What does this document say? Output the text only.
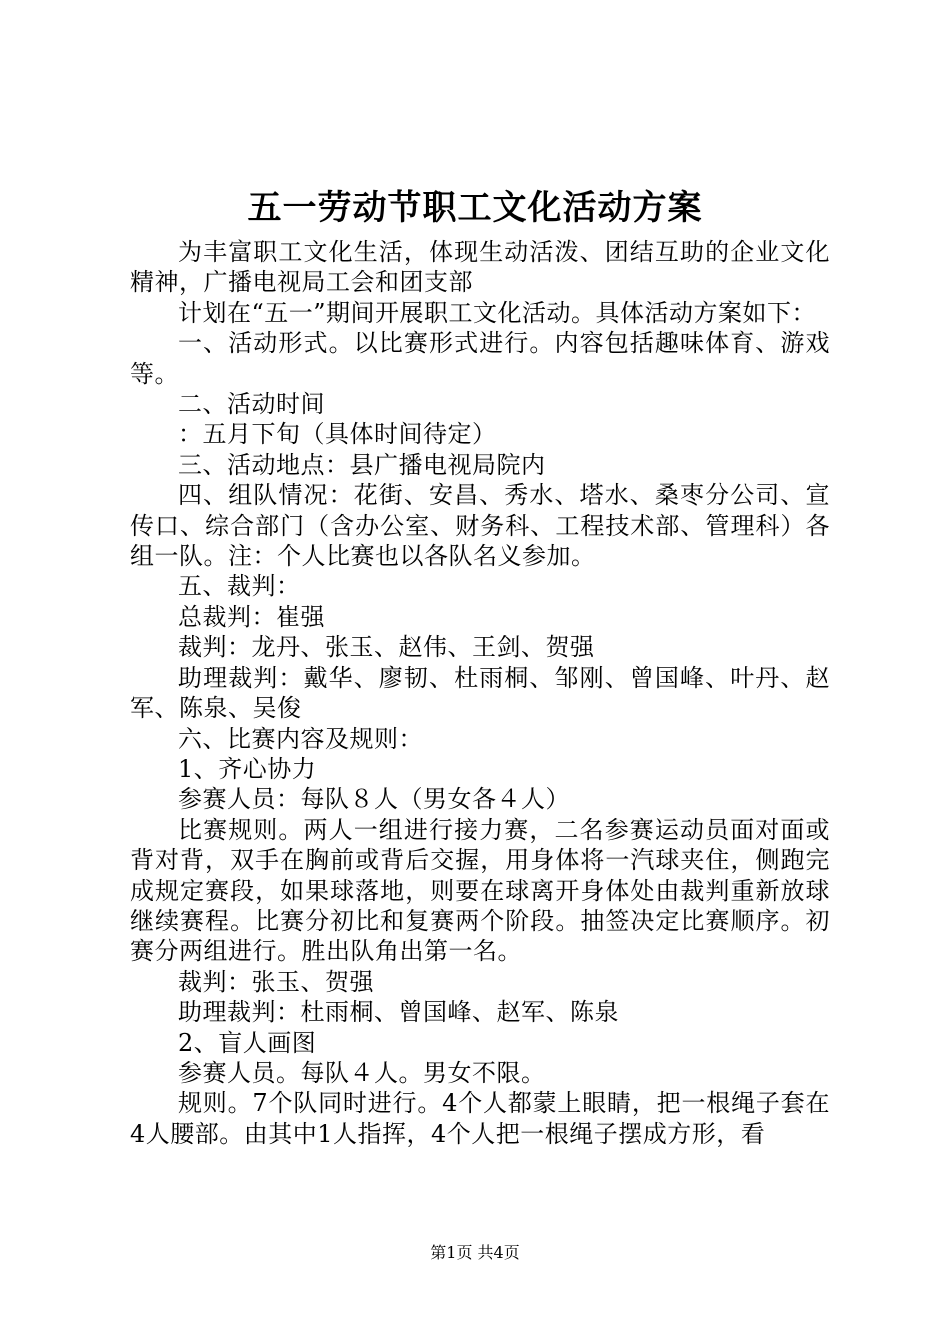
五一劳动节职工文化活动方案

为丰富职工文化生活，体现生动活泼、团结互助的企业文化精神，广播电视局工会和团支部

计划在“五一”期间开展职工文化活动。具体活动方案如下：

一、活动形式。以比赛形式进行。内容包括趣味体育、游戏等。

二、活动时间

：五月下旬（具体时间待定）

三、活动地点：县广播电视局院内

四、组队情况：花街、安昌、秀水、塔水、桑枣分公司、宣传口、综合部门（含办公室、财务科、工程技术部、管理科）各组一队。注：个人比赛也以各队名义参加。

五、裁判：

总裁判：崔强

裁判：龙丹、张玉、赵伟、王剑、贺强

助理裁判：戴华、廖韧、杜雨桐、邹刚、曾国峰、叶丹、赵军、陈泉、吴俊

六、比赛内容及规则：

1、齐心协力

参赛人员：每队８人（男女各４人）

比赛规则。两人一组进行接力赛，二名参赛运动员面对面或背对背，双手在胸前或背后交握，用身体将一汽球夹住，侧跑完成规定赛段，如果球落地，则要在球离开身体处由裁判重新放球继续赛程。比赛分初比和复赛两个阶段。抽签决定比赛顺序。初赛分两组进行。胜出队角出第一名。

裁判：张玉、贺强

助理裁判：杜雨桐、曾国峰、赵军、陈泉

2、盲人画图

参赛人员。每队４人。男女不限。

规则。7个队同时进行。4个人都蒙上眼睛，把一根绳子套在4人腰部。由其中1人指挥，4个人把一根绳子摆成方形，看

第1页 共4页
